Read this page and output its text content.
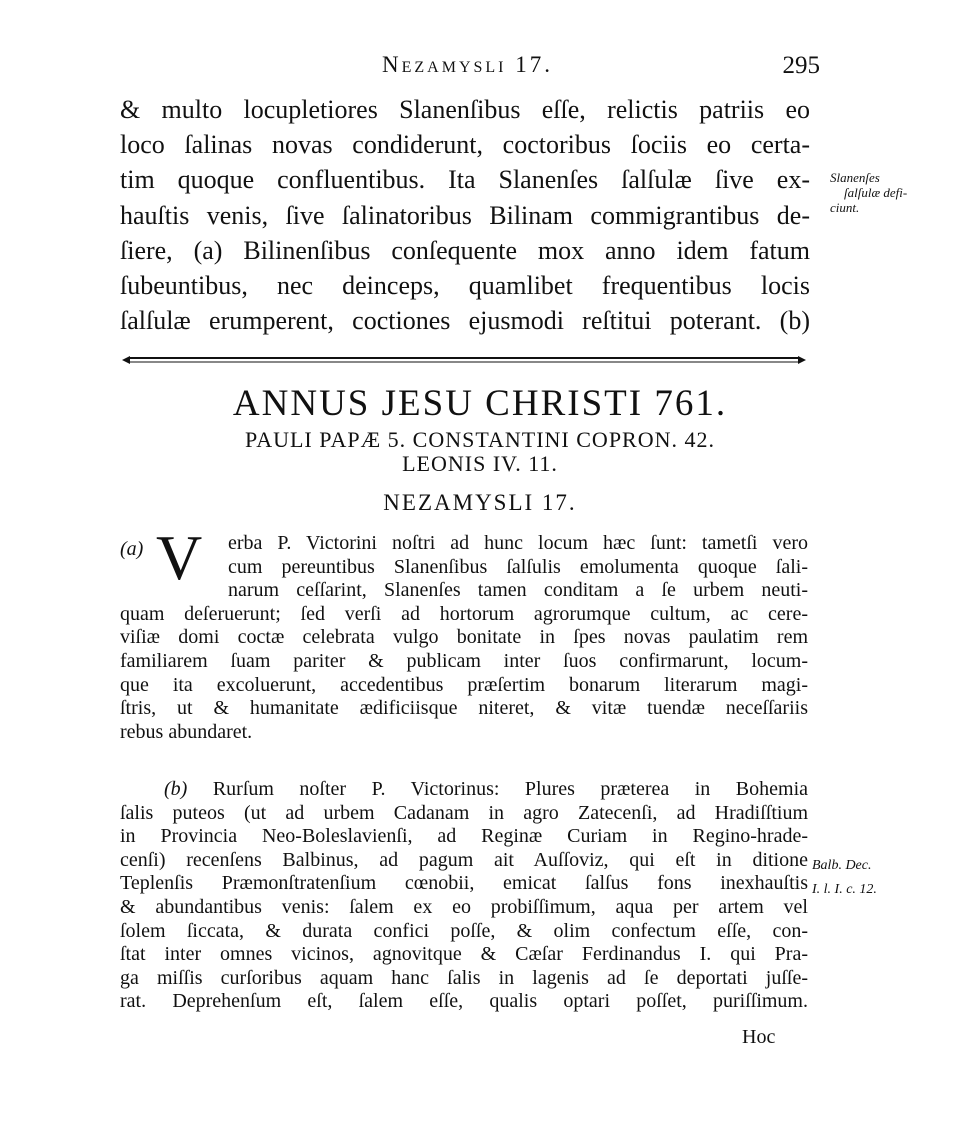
Nezamysli 17.	295
& multo locupletiores Slanenſibus eſſe, relictis patriis eo
loco ſalinas novas condiderunt, coctoribus ſociis eo certa-
tim quoque confluentibus. Ita Slanenſes ſalſulæ ſive ex-
hauſtis venis, ſive ſalinatoribus Bilinam commigrantibus de-
ſiere, (a) Bilinenſibus conſequente mox anno idem fatum
ſubeuntibus, nec deinceps, quamlibet frequentibus locis
ſalſulæ erumperent, coctiones ejusmodi reſtitui poterant. (b)
Slanenſes
ſalſulæ defi-
ciunt.
ANNUS JESU CHRISTI 761.
PAULI PAPÆ 5. CONSTANTINI COPRON. 42.
LEONIS IV. 11.
NEZAMYSLI 17.
(a) V	erba P. Victorini noſtri ad hunc locum hæc ſunt: tametſi vero
cum pereuntibus Slanenſibus ſalſulis emolumenta quoque ſali-
narum ceſſarint, Slanenſes tamen conditam a ſe urbem neuti-
quam deſeruerunt; ſed verſi ad hortorum agrorumque cultum, ac cere-
viſiæ domi coctæ celebrata vulgo bonitate in ſpes novas paulatim rem
familiarem ſuam pariter & publicam inter ſuos confirmarunt, locum-
que ita excoluerunt, accedentibus præſertim bonarum literarum magi-
ſtris, ut & humanitate ædificiisque niteret, & vitæ tuendæ neceſſariis
rebus abundaret.
(b) Rurſum noſter P. Victorinus: Plures præterea in Bohemia
ſalis puteos (ut ad urbem Cadanam in agro Zatecenſi, ad Hradiſſtium
in Provincia Neo-Boleslavienſi, ad Reginæ Curiam in Regino-hrade-
cenſi) recenſens Balbinus, ad pagum ait Auſſoviz, qui eſt in ditione
Teplenſis Præmonſtratenſium cœnobii, emicat ſalſus fons inexhauſtis
& abundantibus venis: ſalem ex eo probiſſimum, aqua per artem vel
ſolem ſiccata, & durata confici poſſe, & olim confectum eſſe, con-
ſtat inter omnes vicinos, agnovitque & Cæſar Ferdinandus I. qui Pra-
ga miſſis curſoribus aquam hanc ſalis in lagenis ad ſe deportati juſſe-
rat. Deprehenſum eſt, ſalem eſſe, qualis optari poſſet, puriſſimum.
Balb. Dec.
I. l. I. c. 12.
Hoc
